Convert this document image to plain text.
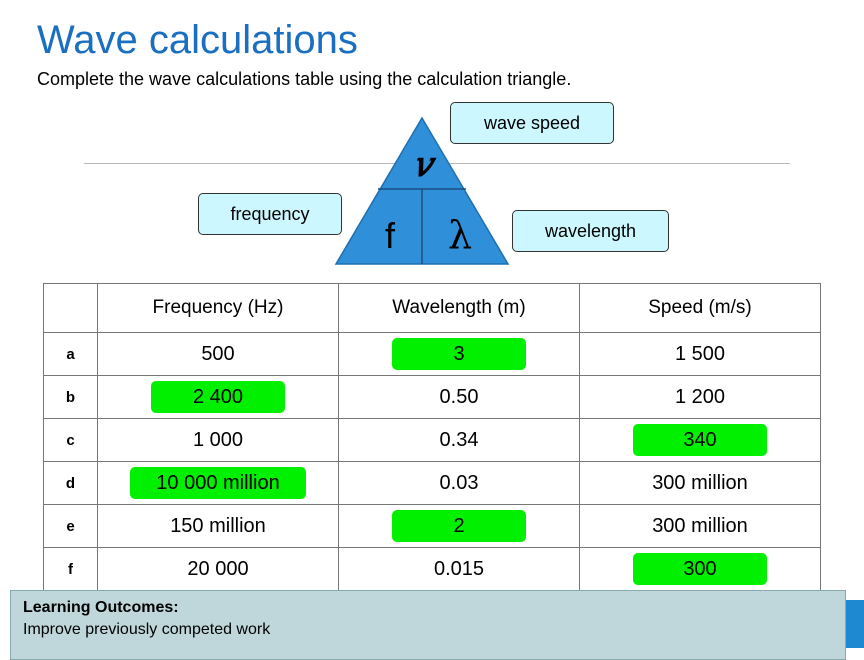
Wave calculations
Complete the wave calculations table using the calculation triangle.
𝑣
f λ
wave speed
frequency
wavelength
	Frequency (Hz)	Wavelength (m)	Speed (m/s)
a	500	3	1 500
b	2 400	0.50	1 200
c	1 000	0.34	340
d	10 000 million	0.03	300 million
e	150 million	2	300 million
f	20 000	0.015	300
Learning Outcomes:
Improve previously competed work
